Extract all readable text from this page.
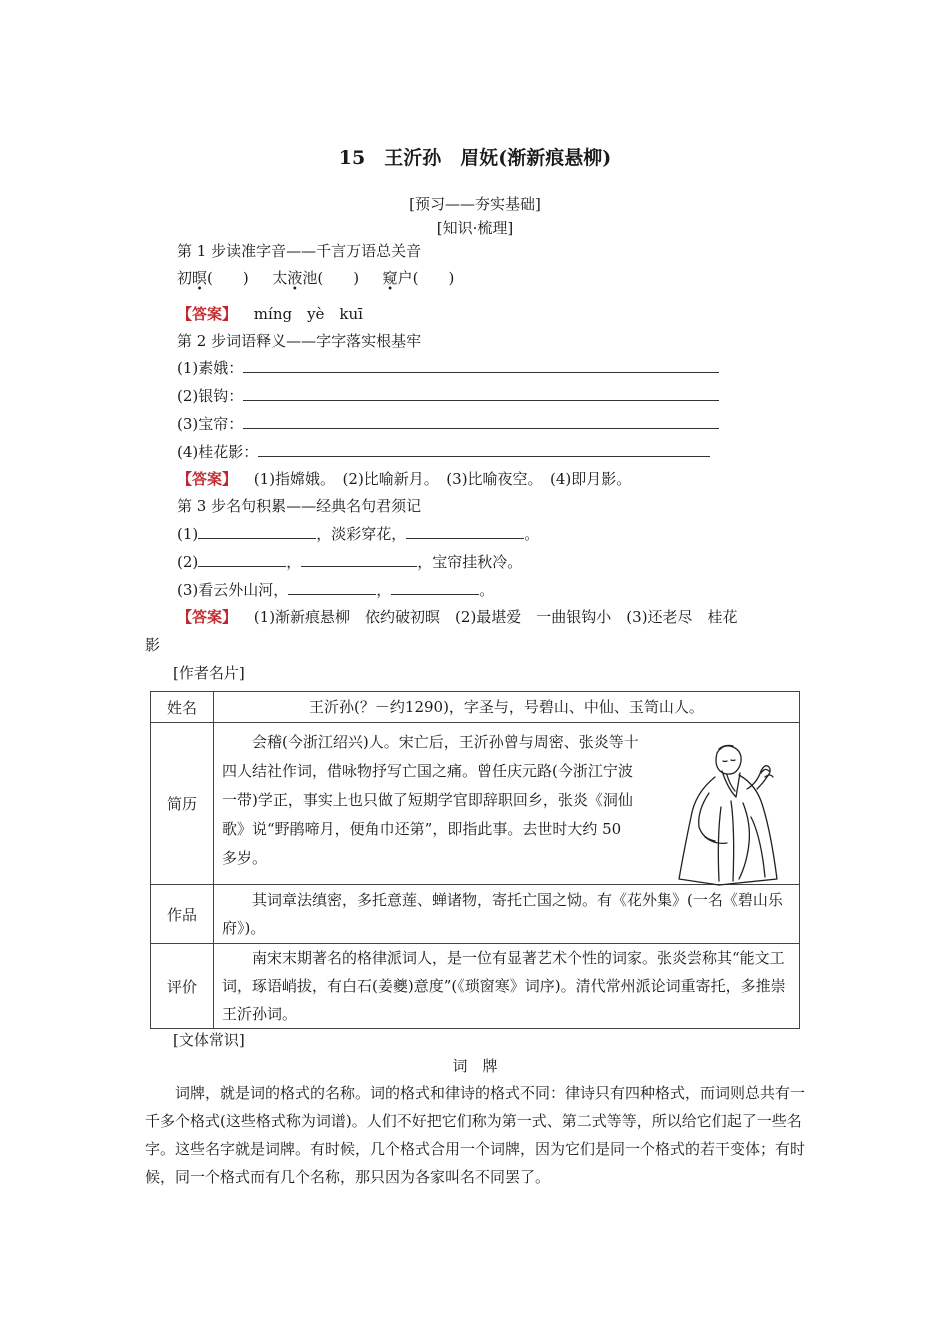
15　王沂孙　眉妩(渐新痕悬柳)
[预习——夯实基础]
[知识·梳理]
第 1 步读准字音——千言万语总关音
初暝(　　) 太液池(　　) 窥户(　　)
【答案】 míng　yè　kuī
第 2 步词语释义——字字落实根基牢
(1)素娥：
(2)银钩：
(3)宝帘：
(4)桂花影：
【答案】 (1)指嫦娥。　(2)比喻新月。　(3)比喻夜空。　(4)即月影。
第 3 步名句积累——经典名句君须记
(1)	，淡彩穿花，	。
(2)	，	，宝帘挂秋冷。
(3)看云外山河，	，	。
【答案】 (1)渐新痕悬柳　依约破初暝　(2)最堪爱　一曲银钩小　(3)还老尽　桂花
影
[作者名片]
姓名	王沂孙(？－约1290)，字圣与，号碧山、中仙、玉笥山人。
简历	会稽(今浙江绍兴)人。宋亡后，王沂孙曾与周密、张炎等十四人结社作词，借咏物抒写亡国之痛。曾任庆元路(今浙江宁波一带)学正，事实上也只做了短期学官即辞职回乡，张炎《洞仙歌》说“野鹃啼月，便角巾还第”，即指此事。去世时大约 50 多岁。

作品	其词章法缜密，多托意莲、蝉诸物，寄托亡国之恸。有《花外集》(一名《碧山乐府》)。
评价	南宋末期著名的格律派词人，是一位有显著艺术个性的词家。张炎尝称其“能文工词，琢语峭拔，有白石(姜夔)意度”(《琐窗寒》词序)。清代常州派论词重寄托，多推崇王沂孙词。
[文体常识]
词　牌
词牌，就是词的格式的名称。词的格式和律诗的格式不同：律诗只有四种格式，而词则总共有一千多个格式(这些格式称为词谱)。人们不好把它们称为第一式、第二式等等，所以给它们起了一些名字。这些名字就是词牌。有时候，几个格式合用一个词牌，因为它们是同一个格式的若干变体；有时候，同一个格式而有几个名称，那只因为各家叫名不同罢了。
